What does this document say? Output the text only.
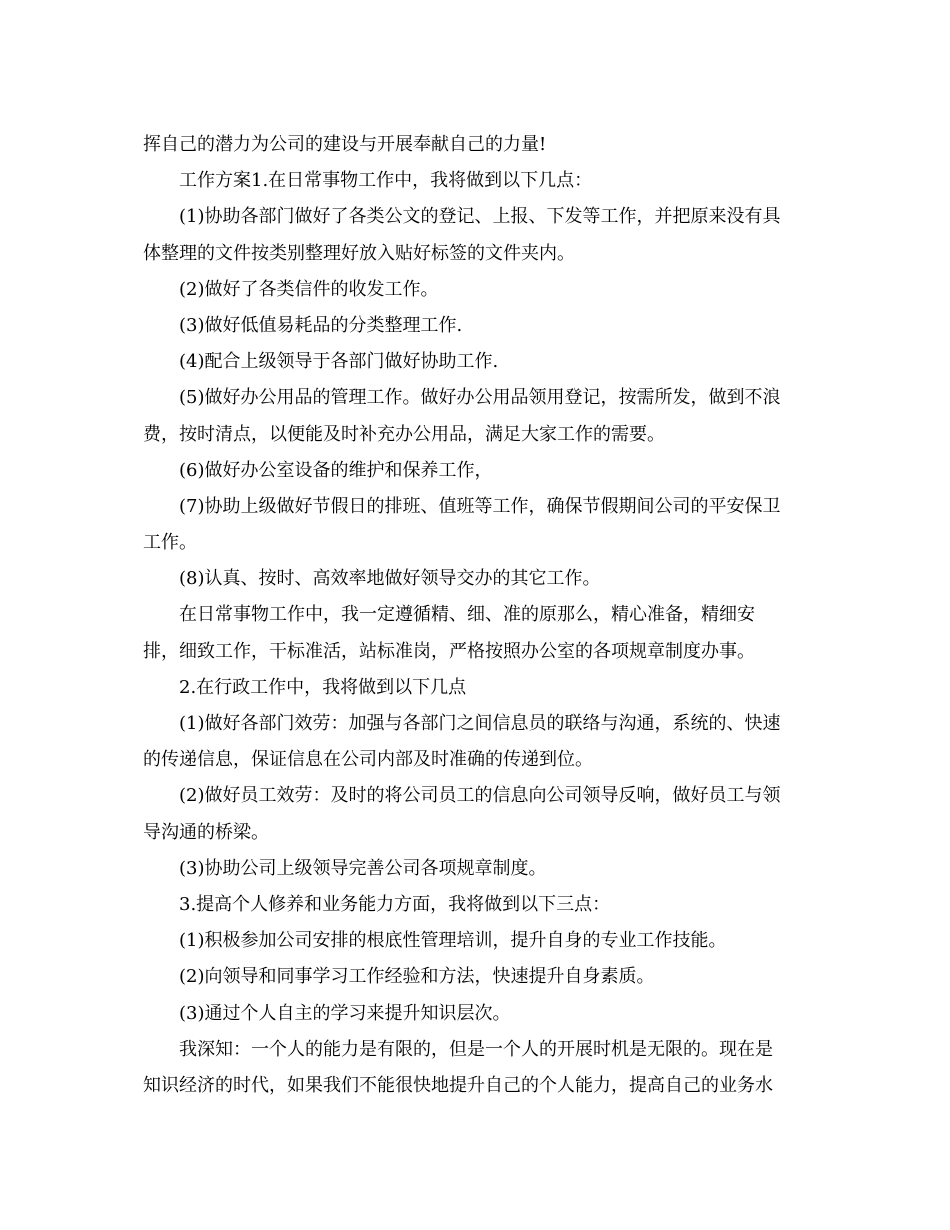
挥自己的潜力为公司的建设与开展奉献自己的力量!
工作方案1.在日常事物工作中，我将做到以下几点：
(1)协助各部门做好了各类公文的登记、上报、下发等工作，并把原来没有具
体整理的文件按类别整理好放入贴好标签的文件夹内。
(2)做好了各类信件的收发工作。
(3)做好低值易耗品的分类整理工作.
(4)配合上级领导于各部门做好协助工作.
(5)做好办公用品的管理工作。做好办公用品领用登记，按需所发，做到不浪
费，按时清点，以便能及时补充办公用品，满足大家工作的需要。
(6)做好办公室设备的维护和保养工作，
(7)协助上级做好节假日的排班、值班等工作，确保节假期间公司的平安保卫
工作。
(8)认真、按时、高效率地做好领导交办的其它工作。
在日常事物工作中，我一定遵循精、细、准的原那么，精心准备，精细安
排，细致工作，干标准活，站标准岗，严格按照办公室的各项规章制度办事。
2.在行政工作中，我将做到以下几点
(1)做好各部门效劳：加强与各部门之间信息员的联络与沟通，系统的、快速
的传递信息，保证信息在公司内部及时准确的传递到位。
(2)做好员工效劳：及时的将公司员工的信息向公司领导反响，做好员工与领
导沟通的桥梁。
(3)协助公司上级领导完善公司各项规章制度。
3.提高个人修养和业务能力方面，我将做到以下三点：
(1)积极参加公司安排的根底性管理培训，提升自身的专业工作技能。
(2)向领导和同事学习工作经验和方法，快速提升自身素质。
(3)通过个人自主的学习来提升知识层次。
我深知：一个人的能力是有限的，但是一个人的开展时机是无限的。现在是
知识经济的时代，如果我们不能很快地提升自己的个人能力，提高自己的业务水
